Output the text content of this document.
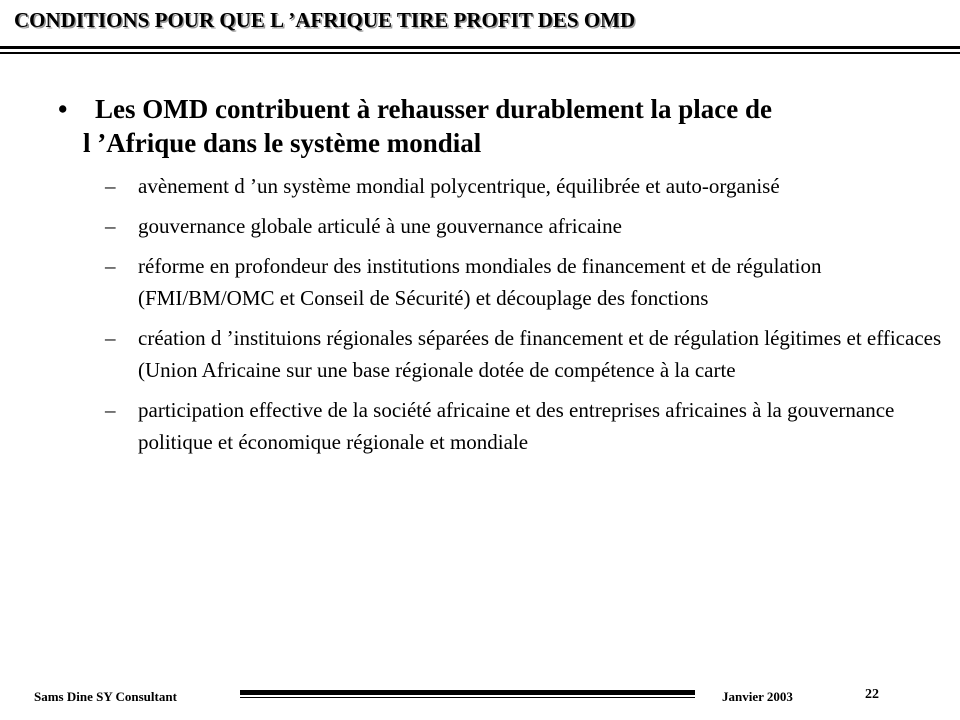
CONDITIONS POUR QUE L ’AFRIQUE TIRE PROFIT DES OMD
•	Les OMD contribuent à rehausser durablement la place de
l ’Afrique dans le système mondial
– avènement d ’un système mondial polycentrique, équilibrée et auto-organisé
– gouvernance globale articulé à une gouvernance africaine
– réforme en profondeur des institutions mondiales de financement et de régulation (FMI/BM/OMC et Conseil de Sécurité) et découplage des fonctions
– création d ’instituions régionales séparées de financement et de régulation légitimes et efficaces (Union Africaine sur une base régionale dotée de compétence à la carte
– participation effective de la société africaine et des entreprises africaines à la gouvernance politique et économique régionale et mondiale
Sams Dine SY Consultant	Janvier 2003	22
